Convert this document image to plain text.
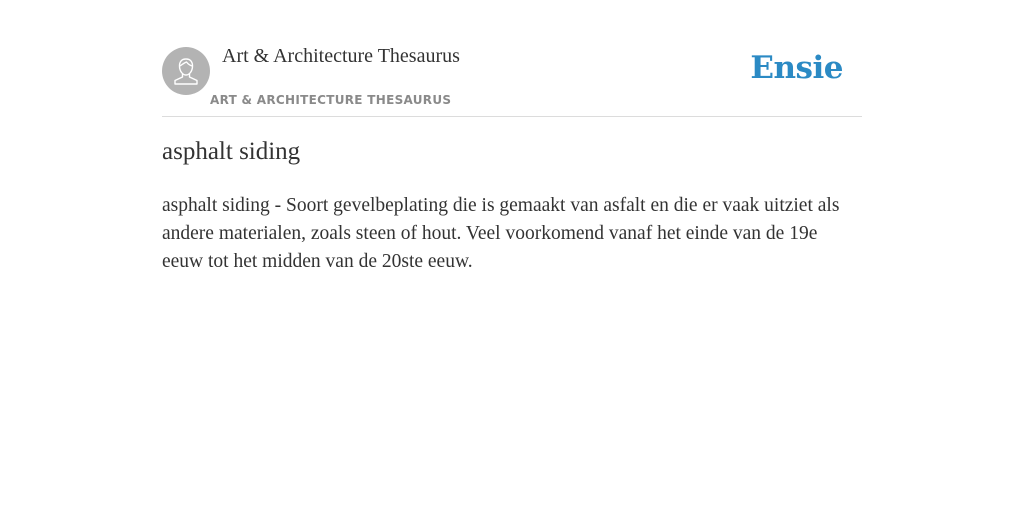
Art & Architecture Thesaurus
ART & ARCHITECTURE THESAURUS
Ensie
asphalt siding

asphalt siding - Soort gevelbeplating die is gemaakt van asfalt en die er vaak uitziet als andere materialen, zoals steen of hout. Veel voorkomend vanaf het einde van de 19e eeuw tot het midden van de 20ste eeuw.
